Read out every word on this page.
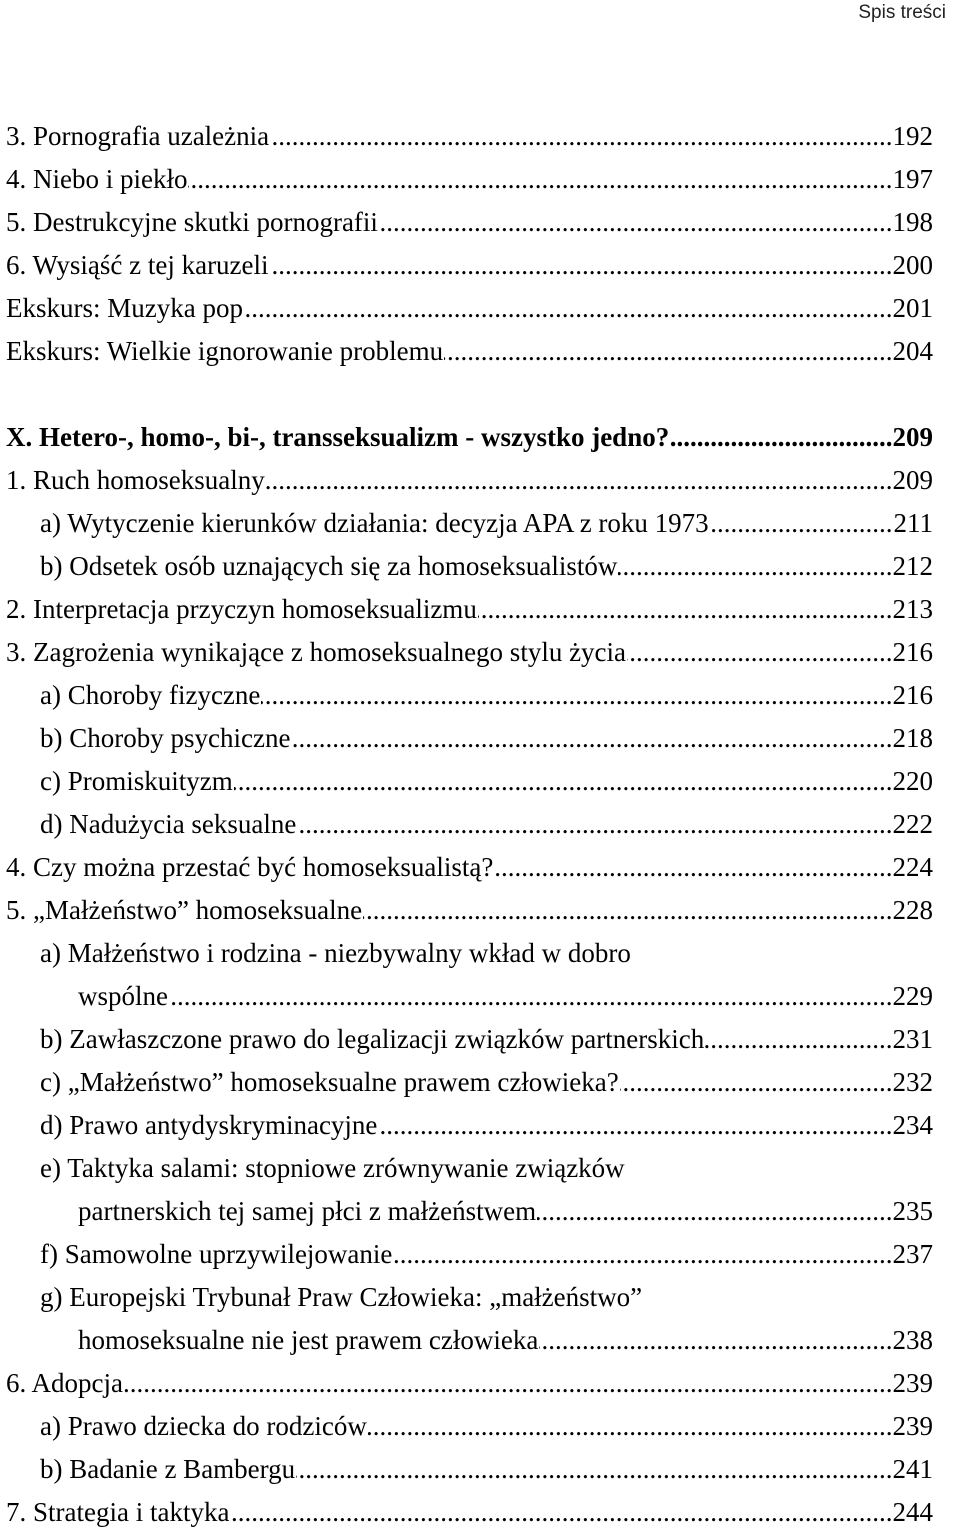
Spis treści
.....
3. Pornografia uzależnia	192
.....
4. Niebo i piekło	197
.....
5. Destrukcyjne skutki pornografii	198
.....
6. Wysiąść z tej karuzeli	200
.....
Ekskurs: Muzyka pop	201
.....
Ekskurs: Wielkie ignorowanie problemu	204
.....
X. Hetero-, homo-, bi-, transseksualizm - wszystko jedno?	209
.....
1. Ruch homoseksualny	209
.....
a) Wytyczenie kierunków działania: decyzja APA z roku 1973	211
.....
b) Odsetek osób uznających się za homoseksualistów	212
.....
2. Interpretacja przyczyn homoseksualizmu	213
.....
3. Zagrożenia wynikające z homoseksualnego stylu życia	216
.....
a) Choroby fizyczne	216
.....
b) Choroby psychiczne	218
.....
c) Promiskuityzm	220
.....
d) Nadużycia seksualne	222
.....
4. Czy można przestać być homoseksualistą?	224
.....
5. „Małżeństwo” homoseksualne	228
a) Małżeństwo i rodzina - niezbywalny wkład w dobro
.....
wspólne	229
.....
b) Zawłaszczone prawo do legalizacji związków partnerskich	231
.....
c) „Małżeństwo” homoseksualne prawem człowieka?	232
.....
d) Prawo antydyskryminacyjne	234
e) Taktyka salami: stopniowe zrównywanie związków
.....
partnerskich tej samej płci z małżeństwem	235
.....
f) Samowolne uprzywilejowanie	237
g) Europejski Trybunał Praw Człowieka: „małżeństwo”
.....
homoseksualne nie jest prawem człowieka	238
.....
6. Adopcja	239
.....
a) Prawo dziecka do rodziców	239
.....
b) Badanie z Bambergu	241
.....
7. Strategia i taktyka	244
